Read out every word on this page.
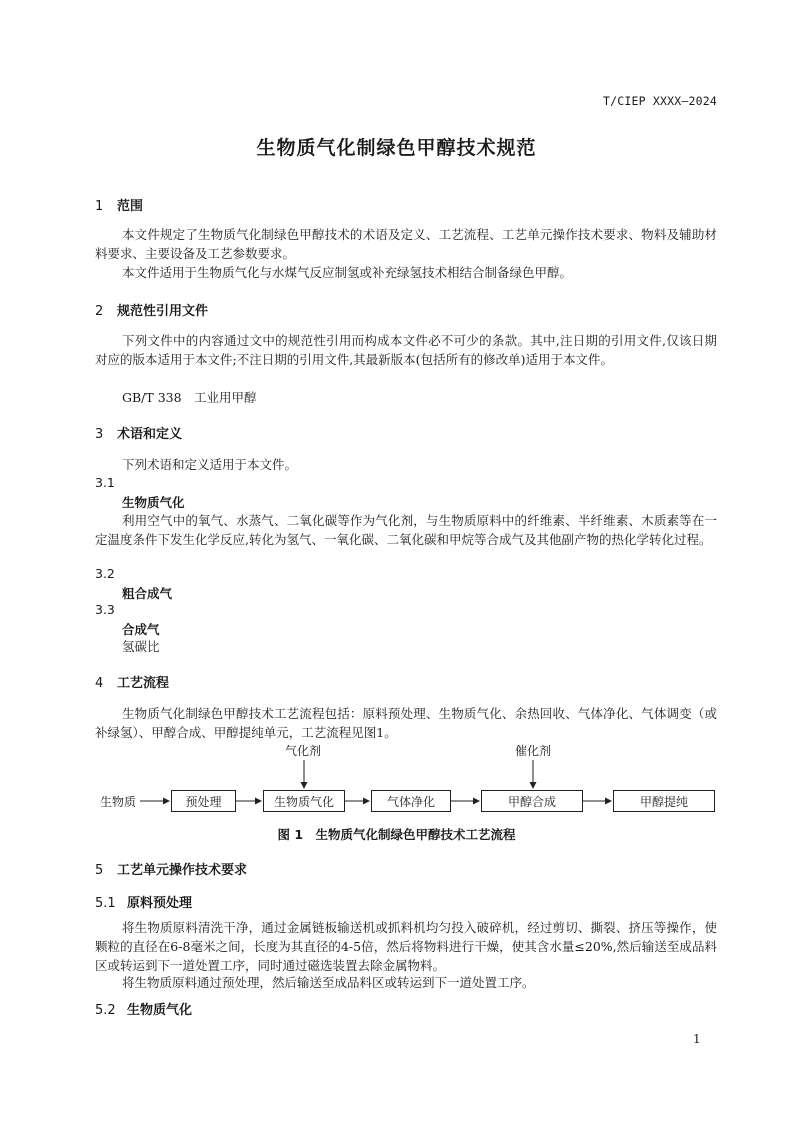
T/CIEP XXXX—2024
生物质气化制绿色甲醇技术规范
1 范围
本文件规定了生物质气化制绿色甲醇技术的术语及定义、工艺流程、工艺单元操作技术要求、物料及辅助材料要求、主要设备及工艺参数要求。
本文件适用于生物质气化与水煤气反应制氢或补充绿氢技术相结合制备绿色甲醇。
2 规范性引用文件
下列文件中的内容通过文中的规范性引用而构成本文件必不可少的条款。其中,注日期的引用文件,仅该日期对应的版本适用于本文件;不注日期的引用文件,其最新版本(包括所有的修改单)适用于本文件。
GB/T 338　工业用甲醇
3 术语和定义
下列术语和定义适用于本文件。
3.1
生物质气化
利用空气中的氧气、水蒸气、二氧化碳等作为气化剂，与生物质原料中的纤维素、半纤维素、木质素等在一定温度条件下发生化学反应,转化为氢气、一氧化碳、二氧化碳和甲烷等合成气及其他副产物的热化学转化过程。
3.2
粗合成气
3.3
合成气
氢碳比
4 工艺流程
生物质气化制绿色甲醇技术工艺流程包括：原料预处理、生物质气化、余热回收、气体净化、气体调变（或补绿氢）、甲醇合成、甲醇提纯单元，工艺流程见图1。
生物质
气化剂	催化剂
预处理	生物质气化	气体净化	甲醇合成	甲醇提纯
图 1　生物质气化制绿色甲醇技术工艺流程
5 工艺单元操作技术要求
5.1 原料预处理
将生物质原料清洗干净，通过金属链板输送机或抓料机均匀投入破碎机，经过剪切、撕裂、挤压等操作，使颗粒的直径在6-8毫米之间，长度为其直径的4-5倍，然后将物料进行干燥，使其含水量≤20%,然后输送至成品料区或转运到下一道处置工序，同时通过磁选装置去除金属物料。
将生物质原料通过预处理，然后输送至成品料区或转运到下一道处置工序。
5.2 生物质气化
1
